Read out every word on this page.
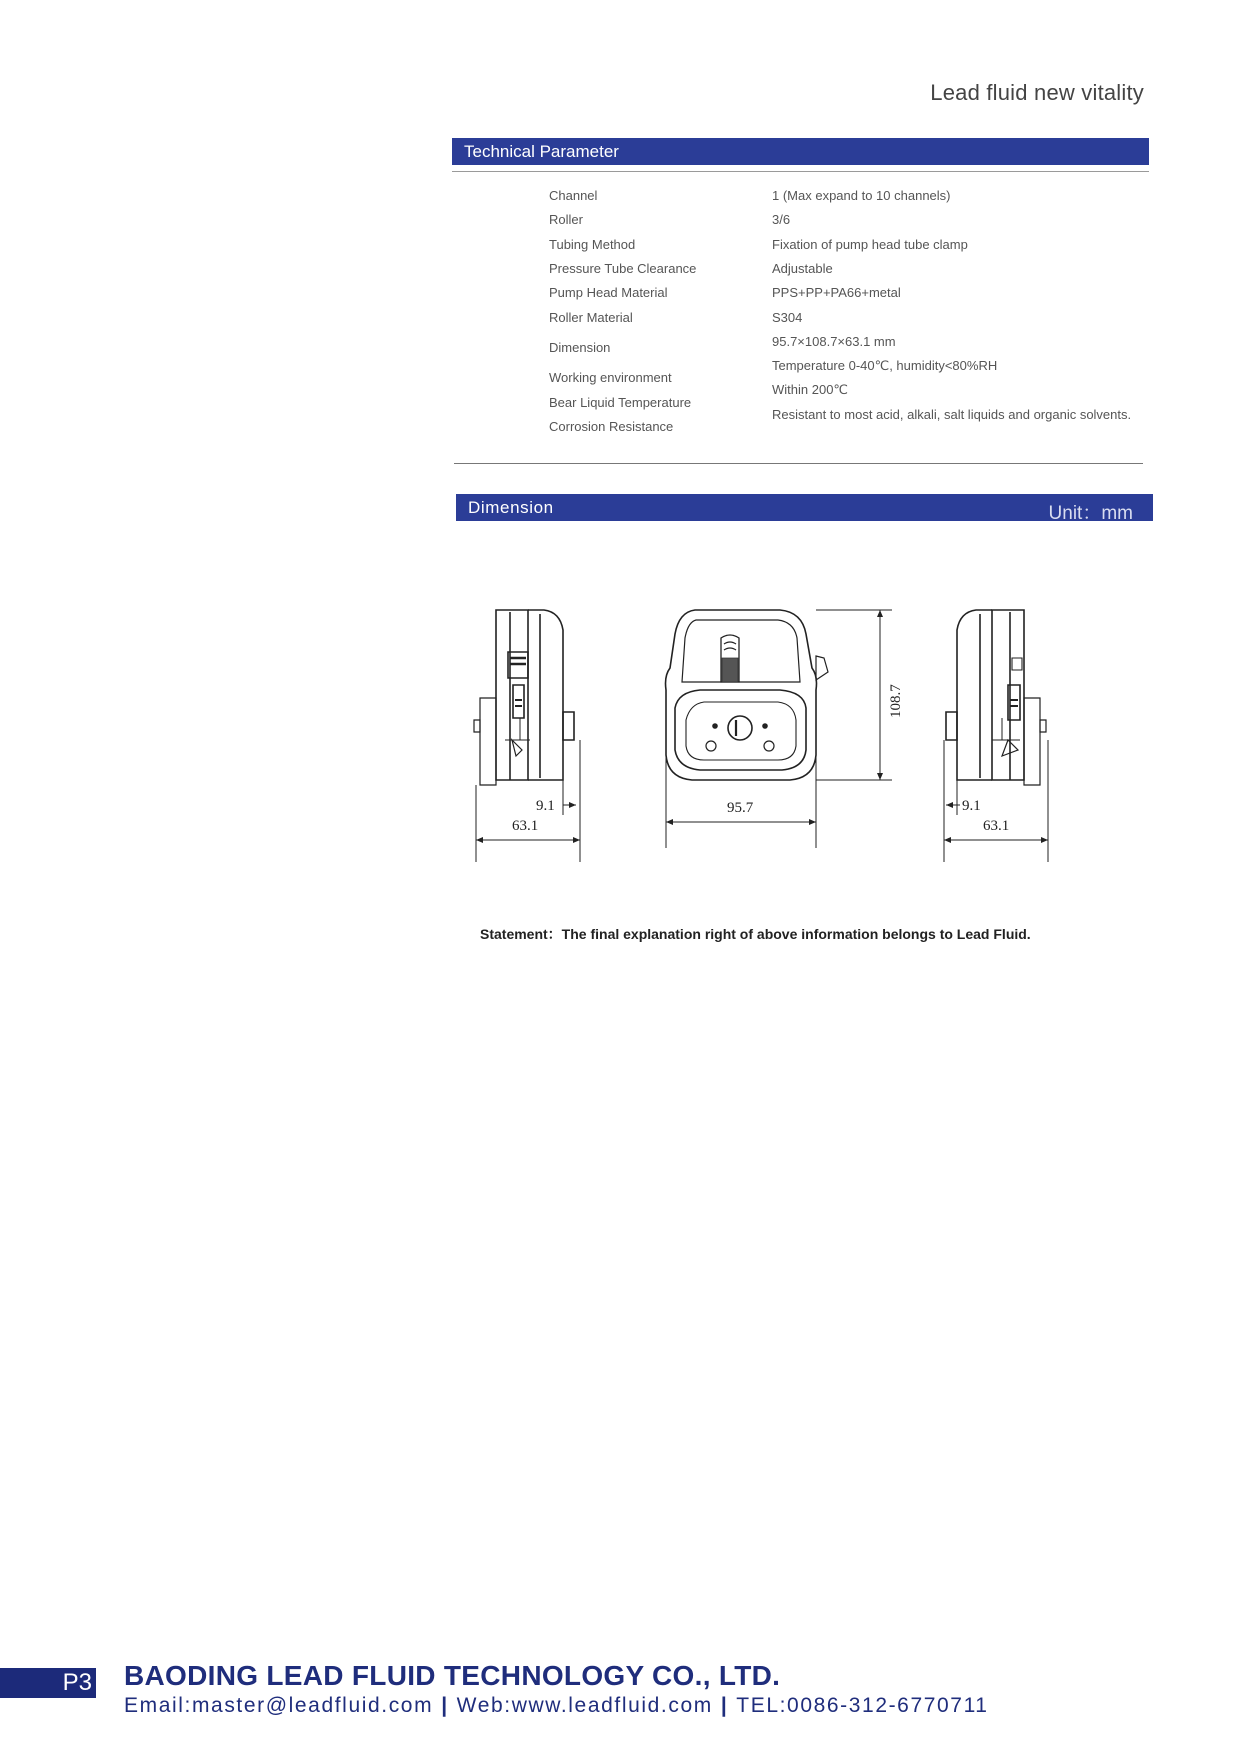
Lead fluid new vitality
Technical Parameter
Channel
Roller
Tubing Method
Pressure Tube Clearance
Pump Head Material
Roller Material
Dimension
Working environment
Bear Liquid Temperature
Corrosion Resistance
1 (Max expand to 10 channels)
3/6
Fixation of pump head tube clamp
Adjustable
PPS+PP+PA66+metal
S304
95.7×108.7×63.1 mm
Temperature 0-40℃, humidity<80%RH
Within 200℃
Resistant to most acid, alkali, salt liquids and organic solvents.
Dimension	Unit：mm
9.1
63.1
95.7
108.7
9.1
63.1
Statement：The final explanation right of above information belongs to Lead Fluid.
P3 BAODING LEAD FLUID TECHNOLOGY CO., LTD.
Email:master@leadfluid.com | Web:www.leadfluid.com | TEL:0086-312-6770711
